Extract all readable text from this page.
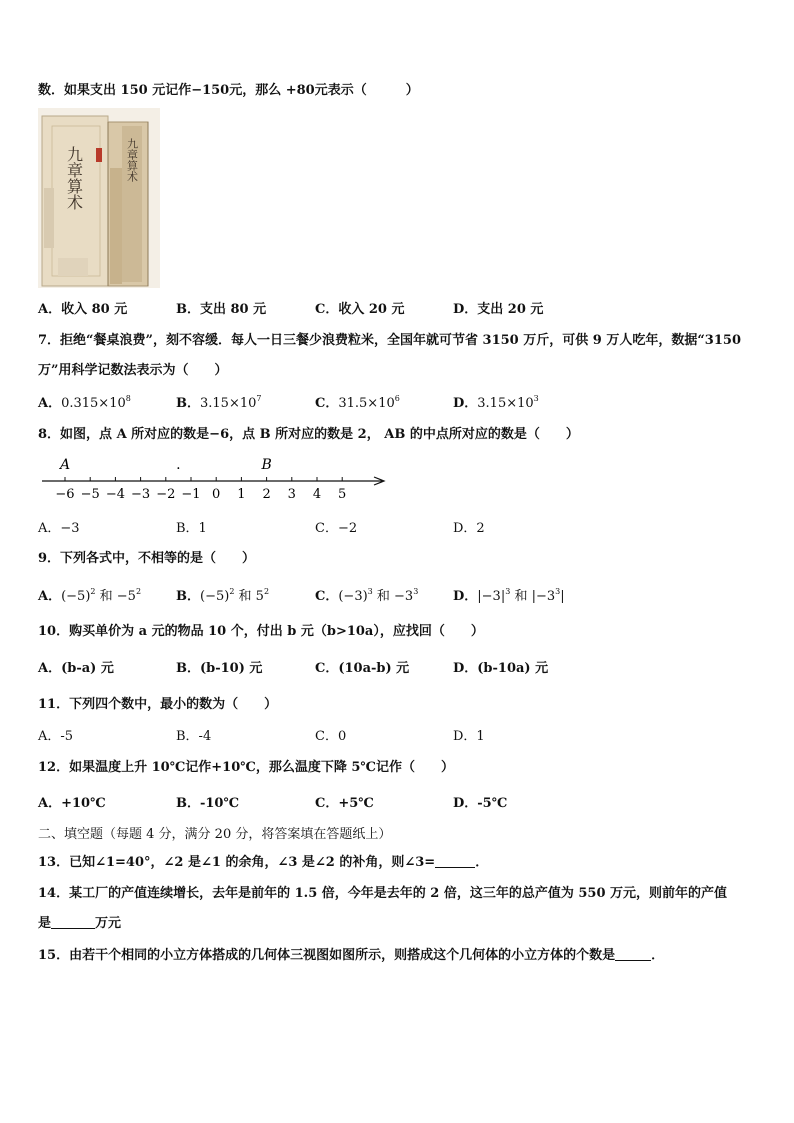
数．如果支出 150 元记作−150元，那么 +80元表示（　　　）
九章算术	九章算术
A．收入 80 元	B．支出 80 元	C．收入 20 元	D．支出 20 元
7．拒绝“餐桌浪费”，刻不容缓．每人一日三餐少浪费粒米，全国年就可节省 3150 万斤，可供 9 万人吃年，数据“3150
万”用科学记数法表示为（　　）
A．$0.315\times 10^8$	B．$3.15\times 10^7$	C．$31.5\times 10^6$	D．$3.15\times 10^3$
8．如图，点 A 所对应的数是−6，点 B 所对应的数是 2， AB 的中点所对应的数是（　　）
−6 −5 −4 −3 −2 −1 0 1 2 3 4 5
A	.	B
A．−3	B．1	C．−2	D．2
9．下列各式中，不相等的是（　　）
A．$(-5)^2$ 和 $-5^2$	B．$(-5)^2$ 和 $5^2$	C．$(-3)^3$ 和 $-3^3$	D．$|-3|^3$ 和 $|-3^3|$
10．购买单价为 a 元的物品 10 个，付出 b 元（b>10a），应找回（　　）
A．(b-a) 元	B．(b-10) 元	C．(10a-b) 元	D．(b-10a) 元
11．下列四个数中，最小的数为（　　）
A．-5	B．-4	C．0	D．1
12．如果温度上升 10℃记作+10℃，那么温度下降 5℃记作（　　）
A．+10℃	B．-10℃	C．+5℃	D．-5℃
二、填空题（每题 4 分，满分 20 分，将答案填在答题纸上）
13．已知∠1=40°，∠2 是∠1 的余角，∠3 是∠2 的补角，则∠3=	．
14．某工厂的产值连续增长，去年是前年的 1.5 倍，今年是去年的 2 倍，这三年的总产值为 550 万元，则前年的产值
是	万元
15．由若干个相同的小立方体搭成的几何体三视图如图所示，则搭成这个几何体的小立方体的个数是	．
